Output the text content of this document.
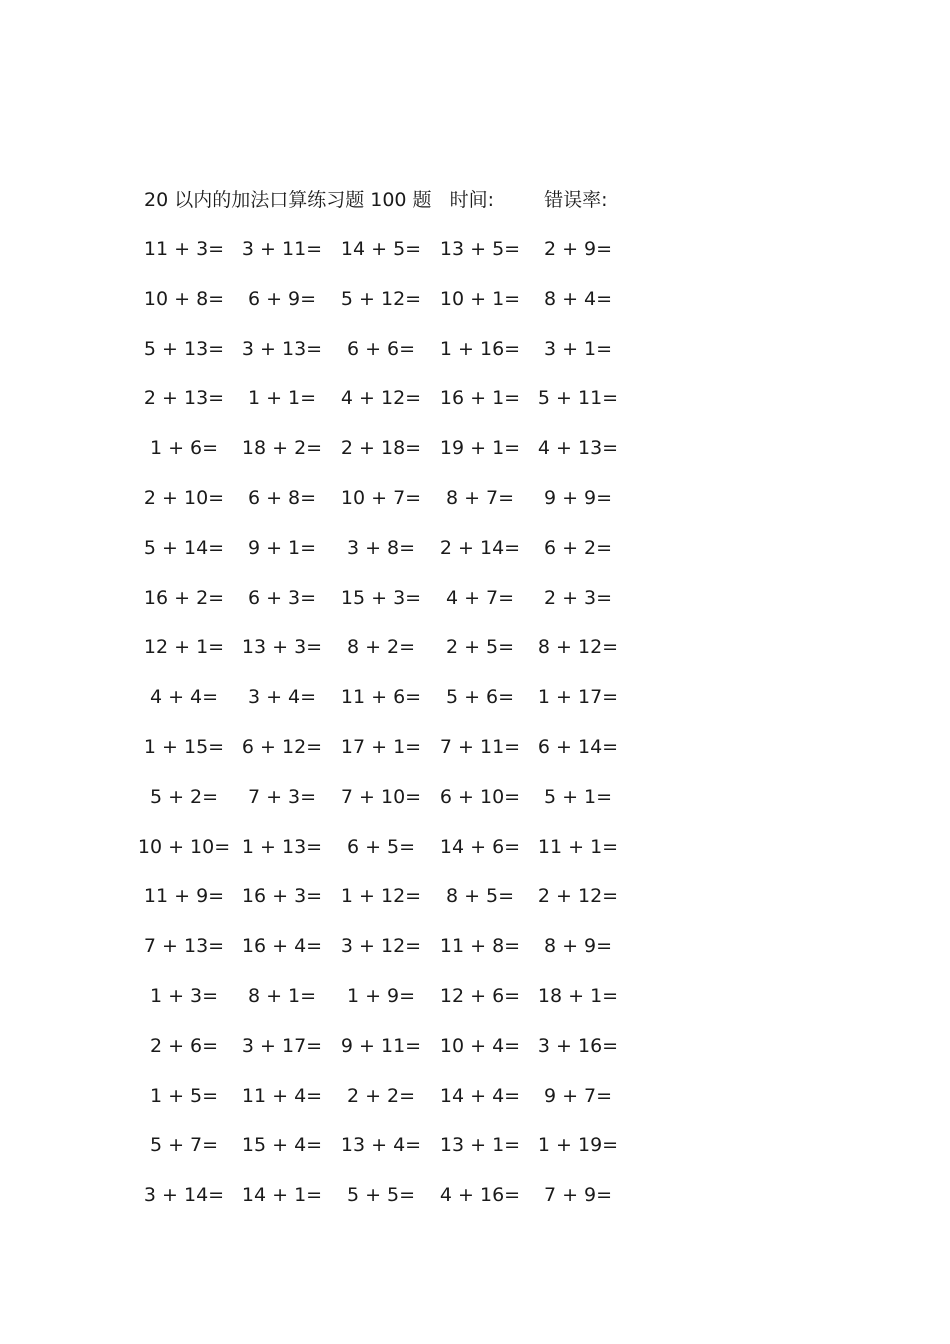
20 以内的加法口算练习题 100 题 时间:	错误率:
11 + 3= 3 + 11= 14 + 5= 13 + 5=	2 + 9=
10 + 8=	6 + 9=	5 + 12= 10 + 1=	8 + 4=
5 + 13= 3 + 13=	6 + 6=	1 + 16=	3 + 1=
2 + 13=	1 + 1=	4 + 12= 16 + 1= 5 + 11=
1 + 6=	18 + 2= 2 + 18= 19 + 1= 4 + 13=
2 + 10=	6 + 8=	10 + 7=	8 + 7=	9 + 9=
5 + 14=	9 + 1=	3 + 8=	2 + 14=	6 + 2=
16 + 2=	6 + 3=	15 + 3=	4 + 7=	2 + 3=
12 + 1= 13 + 3=	8 + 2=	2 + 5=	8 + 12=
4 + 4=	3 + 4=	11 + 6=	5 + 6=	1 + 17=
1 + 15= 6 + 12= 17 + 1= 7 + 11= 6 + 14=
5 + 2=	7 + 3=	7 + 10= 6 + 10=	5 + 1=
10 + 10= 1 + 13=	6 + 5=	14 + 6= 11 + 1=
11 + 9= 16 + 3= 1 + 12=	8 + 5=	2 + 12=
7 + 13= 16 + 4= 3 + 12= 11 + 8=	8 + 9=
1 + 3=	8 + 1=	1 + 9=	12 + 6= 18 + 1=
2 + 6=	3 + 17= 9 + 11= 10 + 4= 3 + 16=
1 + 5=	11 + 4=	2 + 2=	14 + 4=	9 + 7=
5 + 7=	15 + 4= 13 + 4= 13 + 1= 1 + 19=
3 + 14= 14 + 1=	5 + 5=	4 + 16=	7 + 9=
